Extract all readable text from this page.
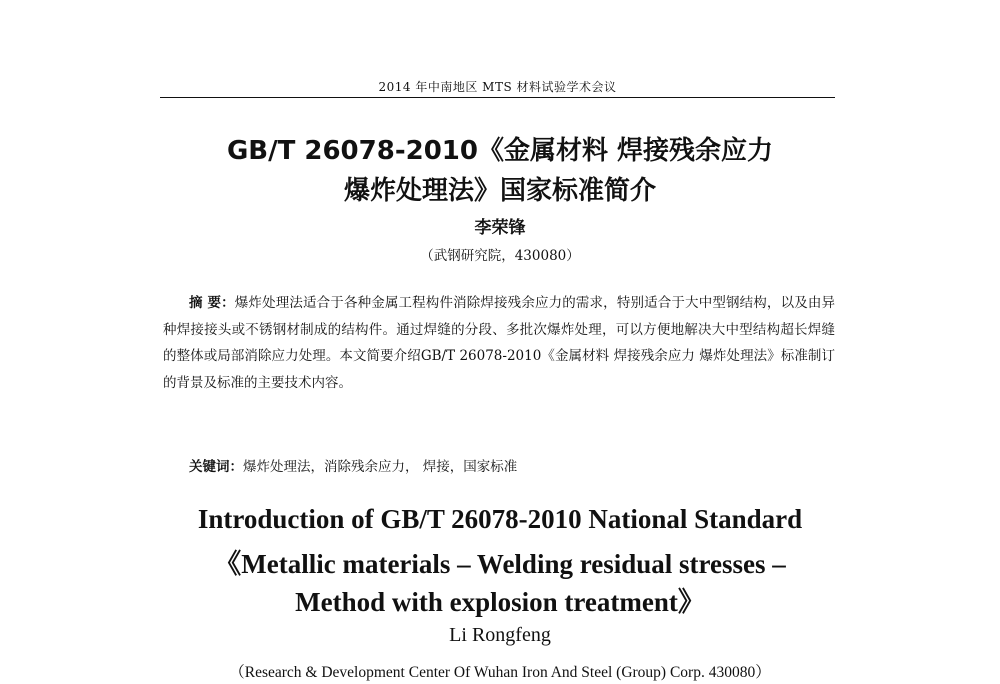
2014 年中南地区 MTS 材料试验学术会议
GB/T 26078-2010《金属材料 焊接残余应力
爆炸处理法》国家标准简介
李荣锋
（武钢研究院，430080）
摘 要：爆炸处理法适合于各种金属工程构件消除焊接残余应力的需求，特别适合于大中型钢结构，以及由异种焊接接头或不锈钢材制成的结构件。通过焊缝的分段、多批次爆炸处理，可以方便地解决大中型结构超长焊缝的整体或局部消除应力处理。本文简要介绍GB/T 26078-2010《金属材料 焊接残余应力 爆炸处理法》标准制订的背景及标准的主要技术内容。
关键词：爆炸处理法，消除残余应力， 焊接，国家标准
Introduction of GB/T 26078-2010 National Standard
《Metallic materials – Welding residual stresses –
Method with explosion treatment》
Li Rongfeng
（Research & Development Center Of Wuhan Iron And Steel (Group) Corp. 430080）
